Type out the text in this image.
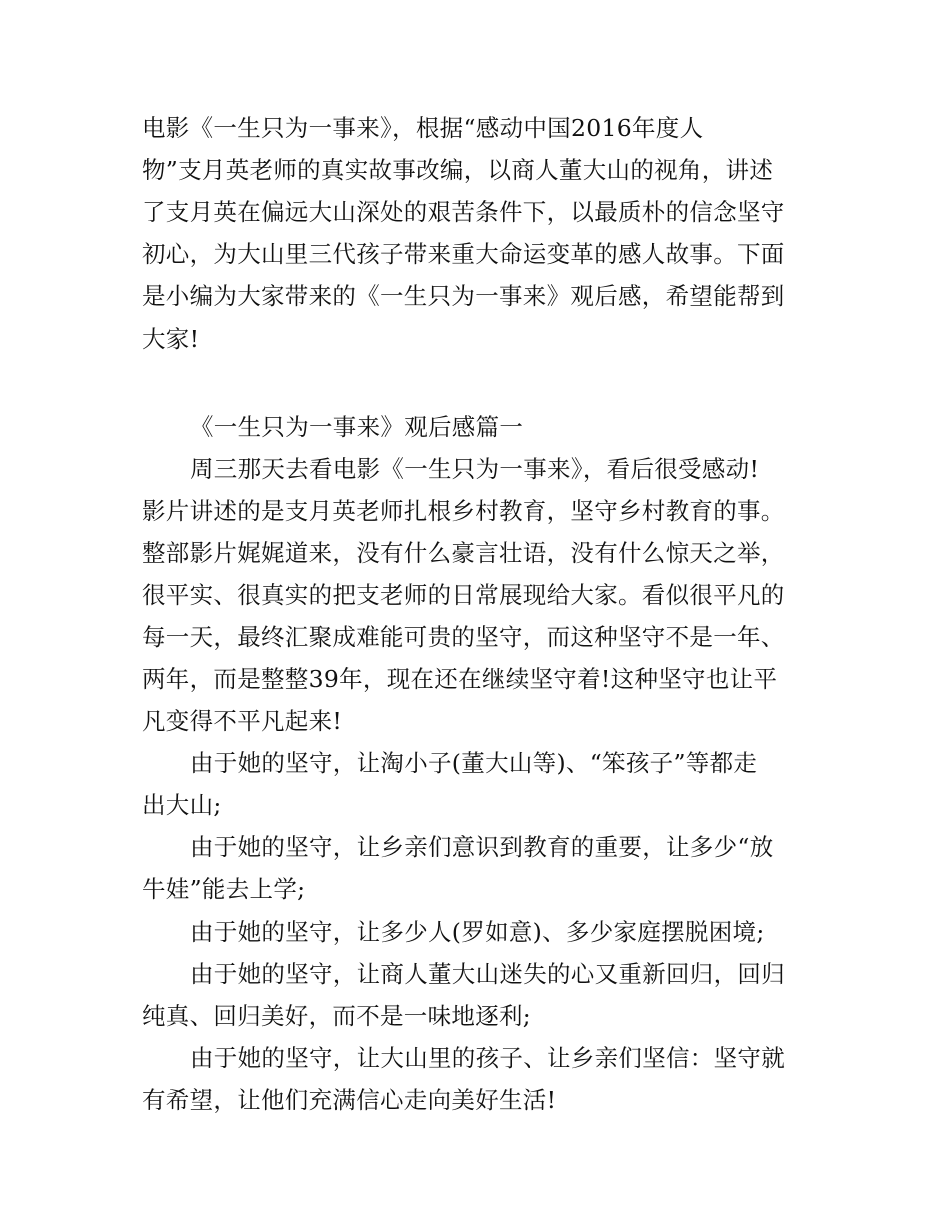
电影《一生只为一事来》，根据“感动中国2016年度人
物”支月英老师的真实故事改编，以商人董大山的视角，讲述
了支月英在偏远大山深处的艰苦条件下，以最质朴的信念坚守
初心，为大山里三代孩子带来重大命运变革的感人故事。下面
是小编为大家带来的《一生只为一事来》观后感，希望能帮到
大家!
《一生只为一事来》观后感篇一
周三那天去看电影《一生只为一事来》，看后很受感动!
影片讲述的是支月英老师扎根乡村教育，坚守乡村教育的事。
整部影片娓娓道来，没有什么豪言壮语，没有什么惊天之举，
很平实、很真实的把支老师的日常展现给大家。看似很平凡的
每一天，最终汇聚成难能可贵的坚守，而这种坚守不是一年、
两年，而是整整39年，现在还在继续坚守着!这种坚守也让平
凡变得不平凡起来!
由于她的坚守，让淘小子(董大山等)、“笨孩子”等都走
出大山;
由于她的坚守，让乡亲们意识到教育的重要，让多少“放
牛娃”能去上学;
由于她的坚守，让多少人(罗如意)、多少家庭摆脱困境;
由于她的坚守，让商人董大山迷失的心又重新回归，回归
纯真、回归美好，而不是一味地逐利;
由于她的坚守，让大山里的孩子、让乡亲们坚信：坚守就
有希望，让他们充满信心走向美好生活!
